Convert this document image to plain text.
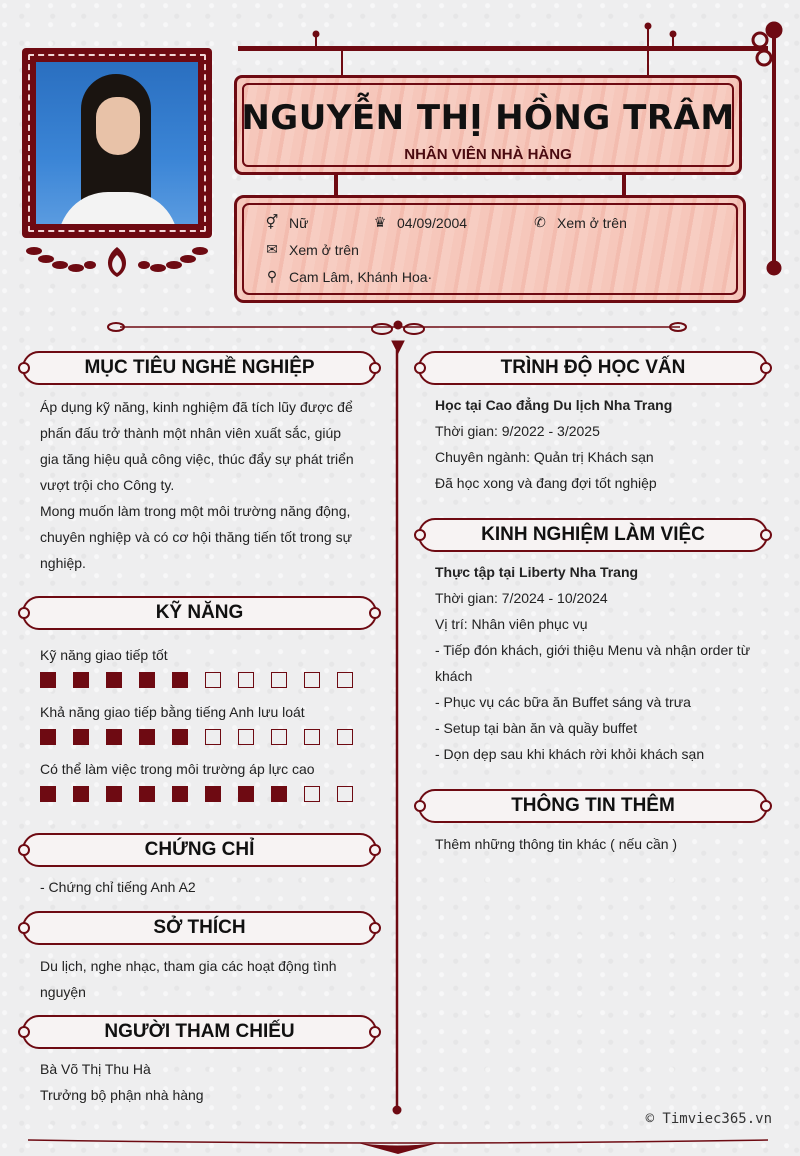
NGUYỄN THỊ HỒNG TRÂM
NHÂN VIÊN NHÀ HÀNG
⚥ Nữ	♛ 04/09/2004	✆ Xem ở trên
✉ Xem ở trên
⚲ Cam Lâm, Khánh Hoa·
MỤC TIÊU NGHỀ NGHIỆP
Áp dụng kỹ năng, kinh nghiệm đã tích lũy được để
phấn đấu trở thành một nhân viên xuất sắc, giúp
gia tăng hiệu quả công việc, thúc đẩy sự phát triển
vượt trội cho Công ty.
Mong muốn làm trong một môi trường năng động,
chuyên nghiệp và có cơ hội thăng tiến tốt trong sự
nghiệp.
KỸ NĂNG
Kỹ năng giao tiếp tốt
Khả năng giao tiếp bằng tiếng Anh lưu loát
Có thể làm việc trong môi trường áp lực cao
CHỨNG CHỈ
- Chứng chỉ tiếng Anh A2
SỞ THÍCH
Du lịch, nghe nhạc, tham gia các hoạt động tình
nguyện
NGƯỜI THAM CHIẾU
Bà Võ Thị Thu Hà
Trưởng bộ phận nhà hàng
TRÌNH ĐỘ HỌC VẤN
Học tại Cao đẳng Du lịch Nha Trang
Thời gian: 9/2022 - 3/2025
Chuyên ngành: Quản trị Khách sạn
Đã học xong và đang đợi tốt nghiệp
KINH NGHIỆM LÀM VIỆC
Thực tập tại Liberty Nha Trang
Thời gian: 7/2024 - 10/2024
Vị trí: Nhân viên phục vụ
- Tiếp đón khách, giới thiệu Menu và nhận order từ
khách
- Phục vụ các bữa ăn Buffet sáng và trưa
- Setup tại bàn ăn và quầy buffet
- Dọn dẹp sau khi khách rời khỏi khách sạn
THÔNG TIN THÊM
Thêm những thông tin khác ( nếu cần )
© Timviec365.vn
